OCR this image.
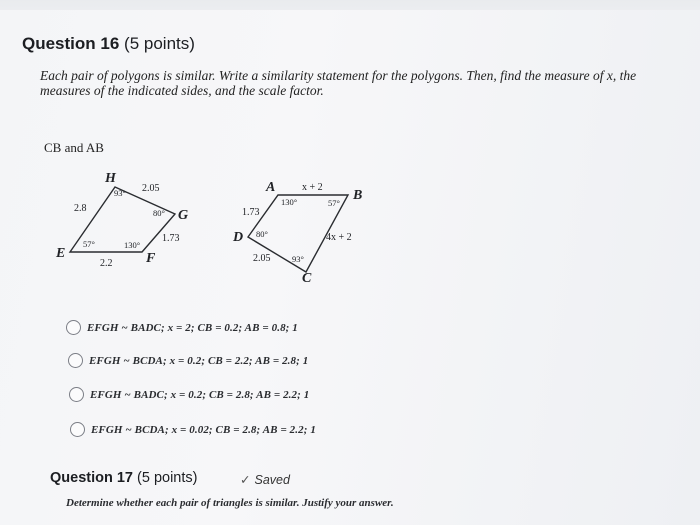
Question 16 (5 points)
Each pair of polygons is similar. Write a similarity statement for the polygons. Then, find the measure of x, the measures of the indicated sides, and the scale factor.
CB and AB
H
G
F
E
93°
80°
130°
57°
2.05
1.73
2.2
2.8
A
B
C
D
130°	57°
93°
80°
x + 2
4x + 2
2.05
1.73
EFGH ~ BADC; x = 2; CB = 0.2; AB = 0.8; 1
EFGH ~ BCDA; x = 0.2; CB = 2.2; AB = 2.8; 1
EFGH ~ BADC; x = 0.2; CB = 2.8; AB = 2.2; 1
EFGH ~ BCDA; x = 0.02; CB = 2.8; AB = 2.2; 1
Question 17 (5 points)	✓ Saved
Determine whether each pair of triangles is similar. Justify your answer.
